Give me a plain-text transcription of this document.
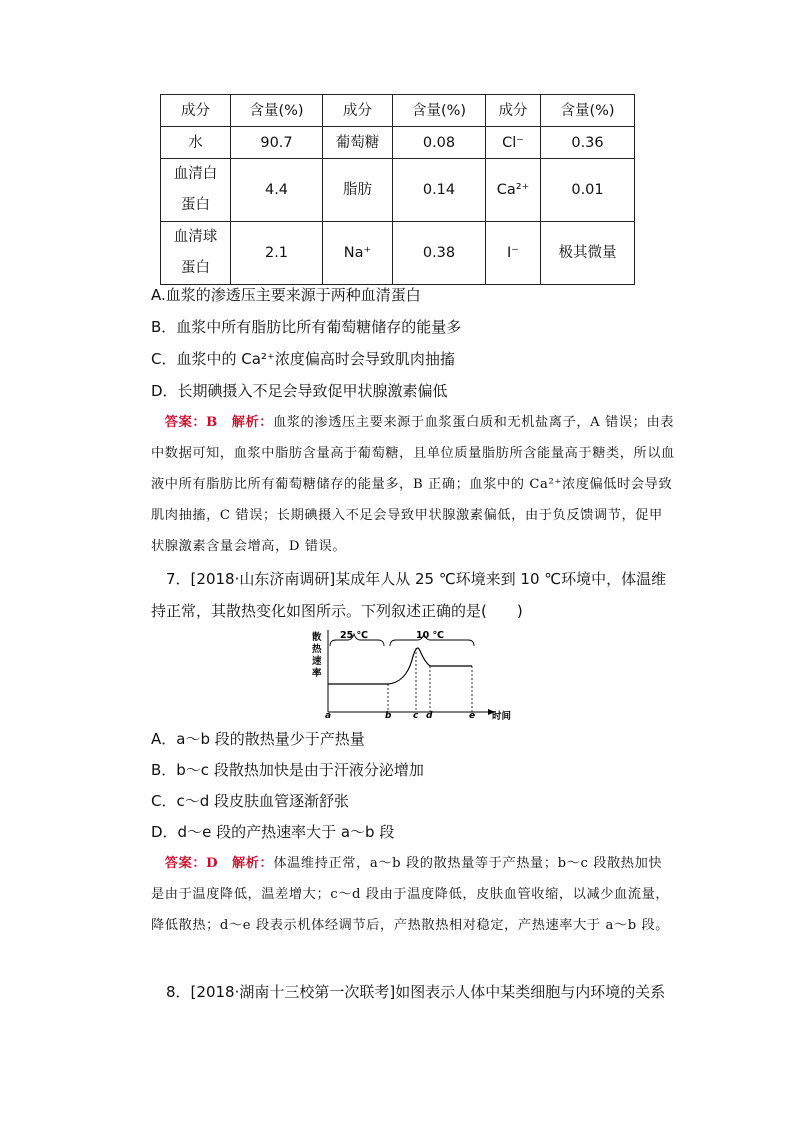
成分	含量(%)	成分	含量(%)	成分	含量(%)
水	90.7	葡萄糖	0.08	Cl⁻	0.36
血清白
蛋白	4.4	脂肪	0.14	Ca²⁺	0.01
血清球
蛋白	2.1	Na⁺	0.38	I⁻	极其微量
A.血浆的渗透压主要来源于两种血清蛋白
B．血浆中所有脂肪比所有葡萄糖储存的能量多
C．血浆中的 Ca²⁺浓度偏高时会导致肌肉抽搐
D．长期碘摄入不足会导致促甲状腺激素偏低
 答案：B　解析：血浆的渗透压主要来源于血浆蛋白质和无机盐离子，A 错误；由表中数据可知，血浆中脂肪含量高于葡萄糖，且单位质量脂肪所含能量高于糖类，所以血液中所有脂肪比所有葡萄糖储存的能量多，B 正确；血浆中的 Ca²⁺浓度偏低时会导致肌肉抽搐，C 错误；长期碘摄入不足会导致甲状腺激素偏低，由于负反馈调节，促甲状腺激素含量会增高，D 错误。
 7．[2018·山东济南调研]某成年人从 25 ℃环境来到 10 ℃环境中，体温维持正常，其散热变化如图所示。下列叙述正确的是(　　)
散
热
速
率
25 ℃	10 ℃
a	b c d	e 时间
A．a～b 段的散热量少于产热量
B．b～c 段散热加快是由于汗液分泌增加
C．c～d 段皮肤血管逐渐舒张
D．d～e 段的产热速率大于 a～b 段
 答案：D　解析：体温维持正常，a～b 段的散热量等于产热量；b～c 段散热加快是由于温度降低，温差增大；c～d 段由于温度降低，皮肤血管收缩，以减少血流量，降低散热；d～e 段表示机体经调节后，产热散热相对稳定，产热速率大于 a～b 段。
 8．[2018·湖南十三校第一次联考]如图表示人体中某类细胞与内环境的关系
